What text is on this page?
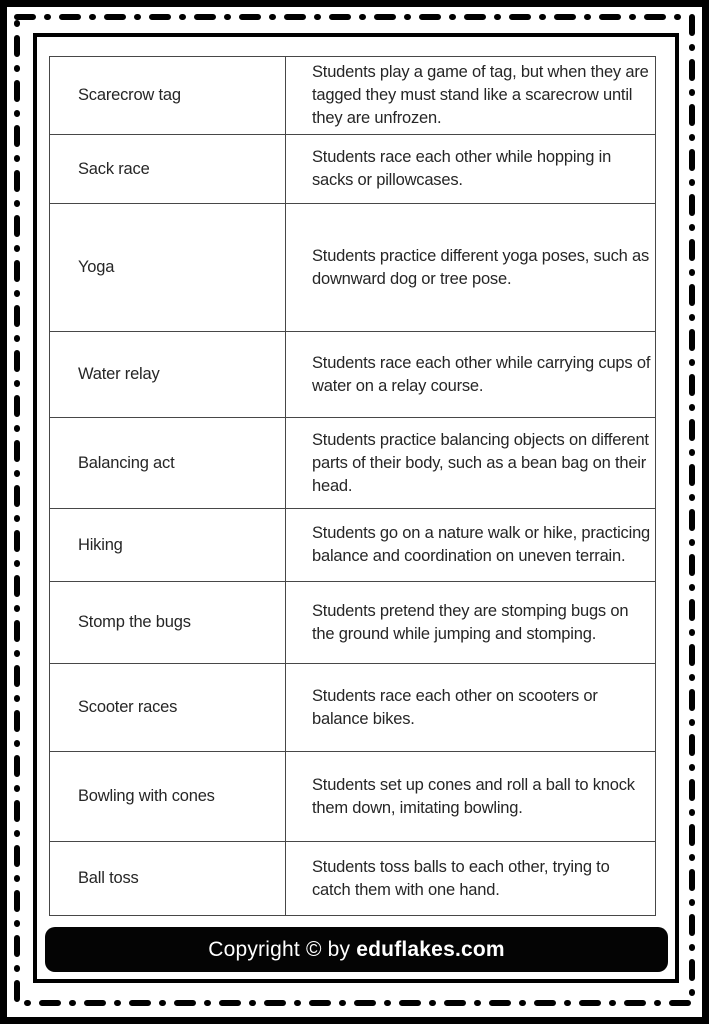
Scarecrow tag	Students play a game of tag, but when they are tagged they must stand like a scarecrow until they are unfrozen.
Sack race	Students race each other while hopping in sacks or pillowcases.
Yoga	Students practice different yoga poses, such as downward dog or tree pose.
Water relay	Students race each other while carrying cups of water on a relay course.
Balancing act	Students practice balancing objects on different parts of their body, such as a bean bag on their head.
Hiking	Students go on a nature walk or hike, practicing balance and coordination on uneven terrain.
Stomp the bugs	Students pretend they are stomping bugs on the ground while jumping and stomping.
Scooter races	Students race each other on scooters or balance bikes.
Bowling with cones	Students set up cones and roll a ball to knock them down, imitating bowling.
Ball toss	Students toss balls to each other, trying to catch them with one hand.
Copyright © by eduflakes.com
